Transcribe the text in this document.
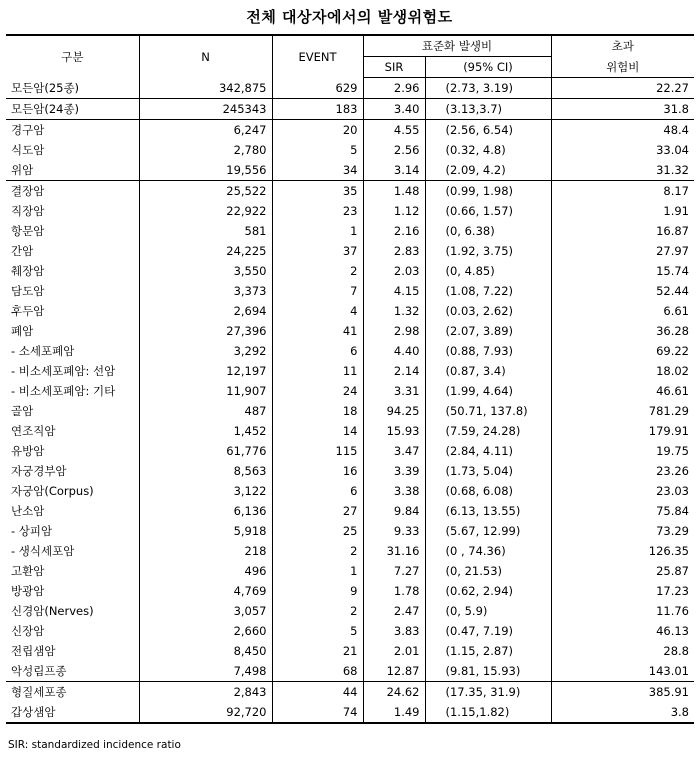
전체 대상자에서의 발생위험도
구분	N	EVENT	표준화 발생비		초과
			SIR	(95% CI)	위험비
모든암(25종)	342,875	629	2.96	(2.73, 3.19)	22.27
모든암(24종)	245343	183	3.40	(3.13,3.7)	31.8
경구암	6,247	20	4.55	(2.56, 6.54)	48.4
식도암	2,780	5	2.56	(0.32, 4.8)	33.04
위암	19,556	34	3.14	(2.09, 4.2)	31.32
결장암	25,522	35	1.48	(0.99, 1.98)	8.17
직장암	22,922	23	1.12	(0.66, 1.57)	1.91
항문암	581	1	2.16	(0, 6.38)	16.87
간암	24,225	37	2.83	(1.92, 3.75)	27.97
췌장암	3,550	2	2.03	(0, 4.85)	15.74
담도암	3,373	7	4.15	(1.08, 7.22)	52.44
후두암	2,694	4	1.32	(0.03, 2.62)	6.61
폐암	27,396	41	2.98	(2.07, 3.89)	36.28
- 소세포폐암	3,292	6	4.40	(0.88, 7.93)	69.22
- 비소세포폐암: 선암	12,197	11	2.14	(0.87, 3.4)	18.02
- 비소세포폐암: 기타	11,907	24	3.31	(1.99, 4.64)	46.61
골암	487	18	94.25	(50.71, 137.8)	781.29
연조직암	1,452	14	15.93	(7.59, 24.28)	179.91
유방암	61,776	115	3.47	(2.84, 4.11)	19.75
자궁경부암	8,563	16	3.39	(1.73, 5.04)	23.26
자궁암(Corpus)	3,122	6	3.38	(0.68, 6.08)	23.03
난소암	6,136	27	9.84	(6.13, 13.55)	75.84
- 상피암	5,918	25	9.33	(5.67, 12.99)	73.29
- 생식세포암	218	2	31.16	(0 , 74.36)	126.35
고환암	496	1	7.27	(0, 21.53)	25.87
방광암	4,769	9	1.78	(0.62, 2.94)	17.23
신경암(Nerves)	3,057	2	2.47	(0, 5.9)	11.76
신장암	2,660	5	3.83	(0.47, 7.19)	46.13
전립샘암	8,450	21	2.01	(1.15, 2.87)	28.8
악성림프종	7,498	68	12.87	(9.81, 15.93)	143.01
형질세포종	2,843	44	24.62	(17.35, 31.9)	385.91
갑상샘암	92,720	74	1.49	(1.15,1.82)	3.8
SIR: standardized incidence ratio
